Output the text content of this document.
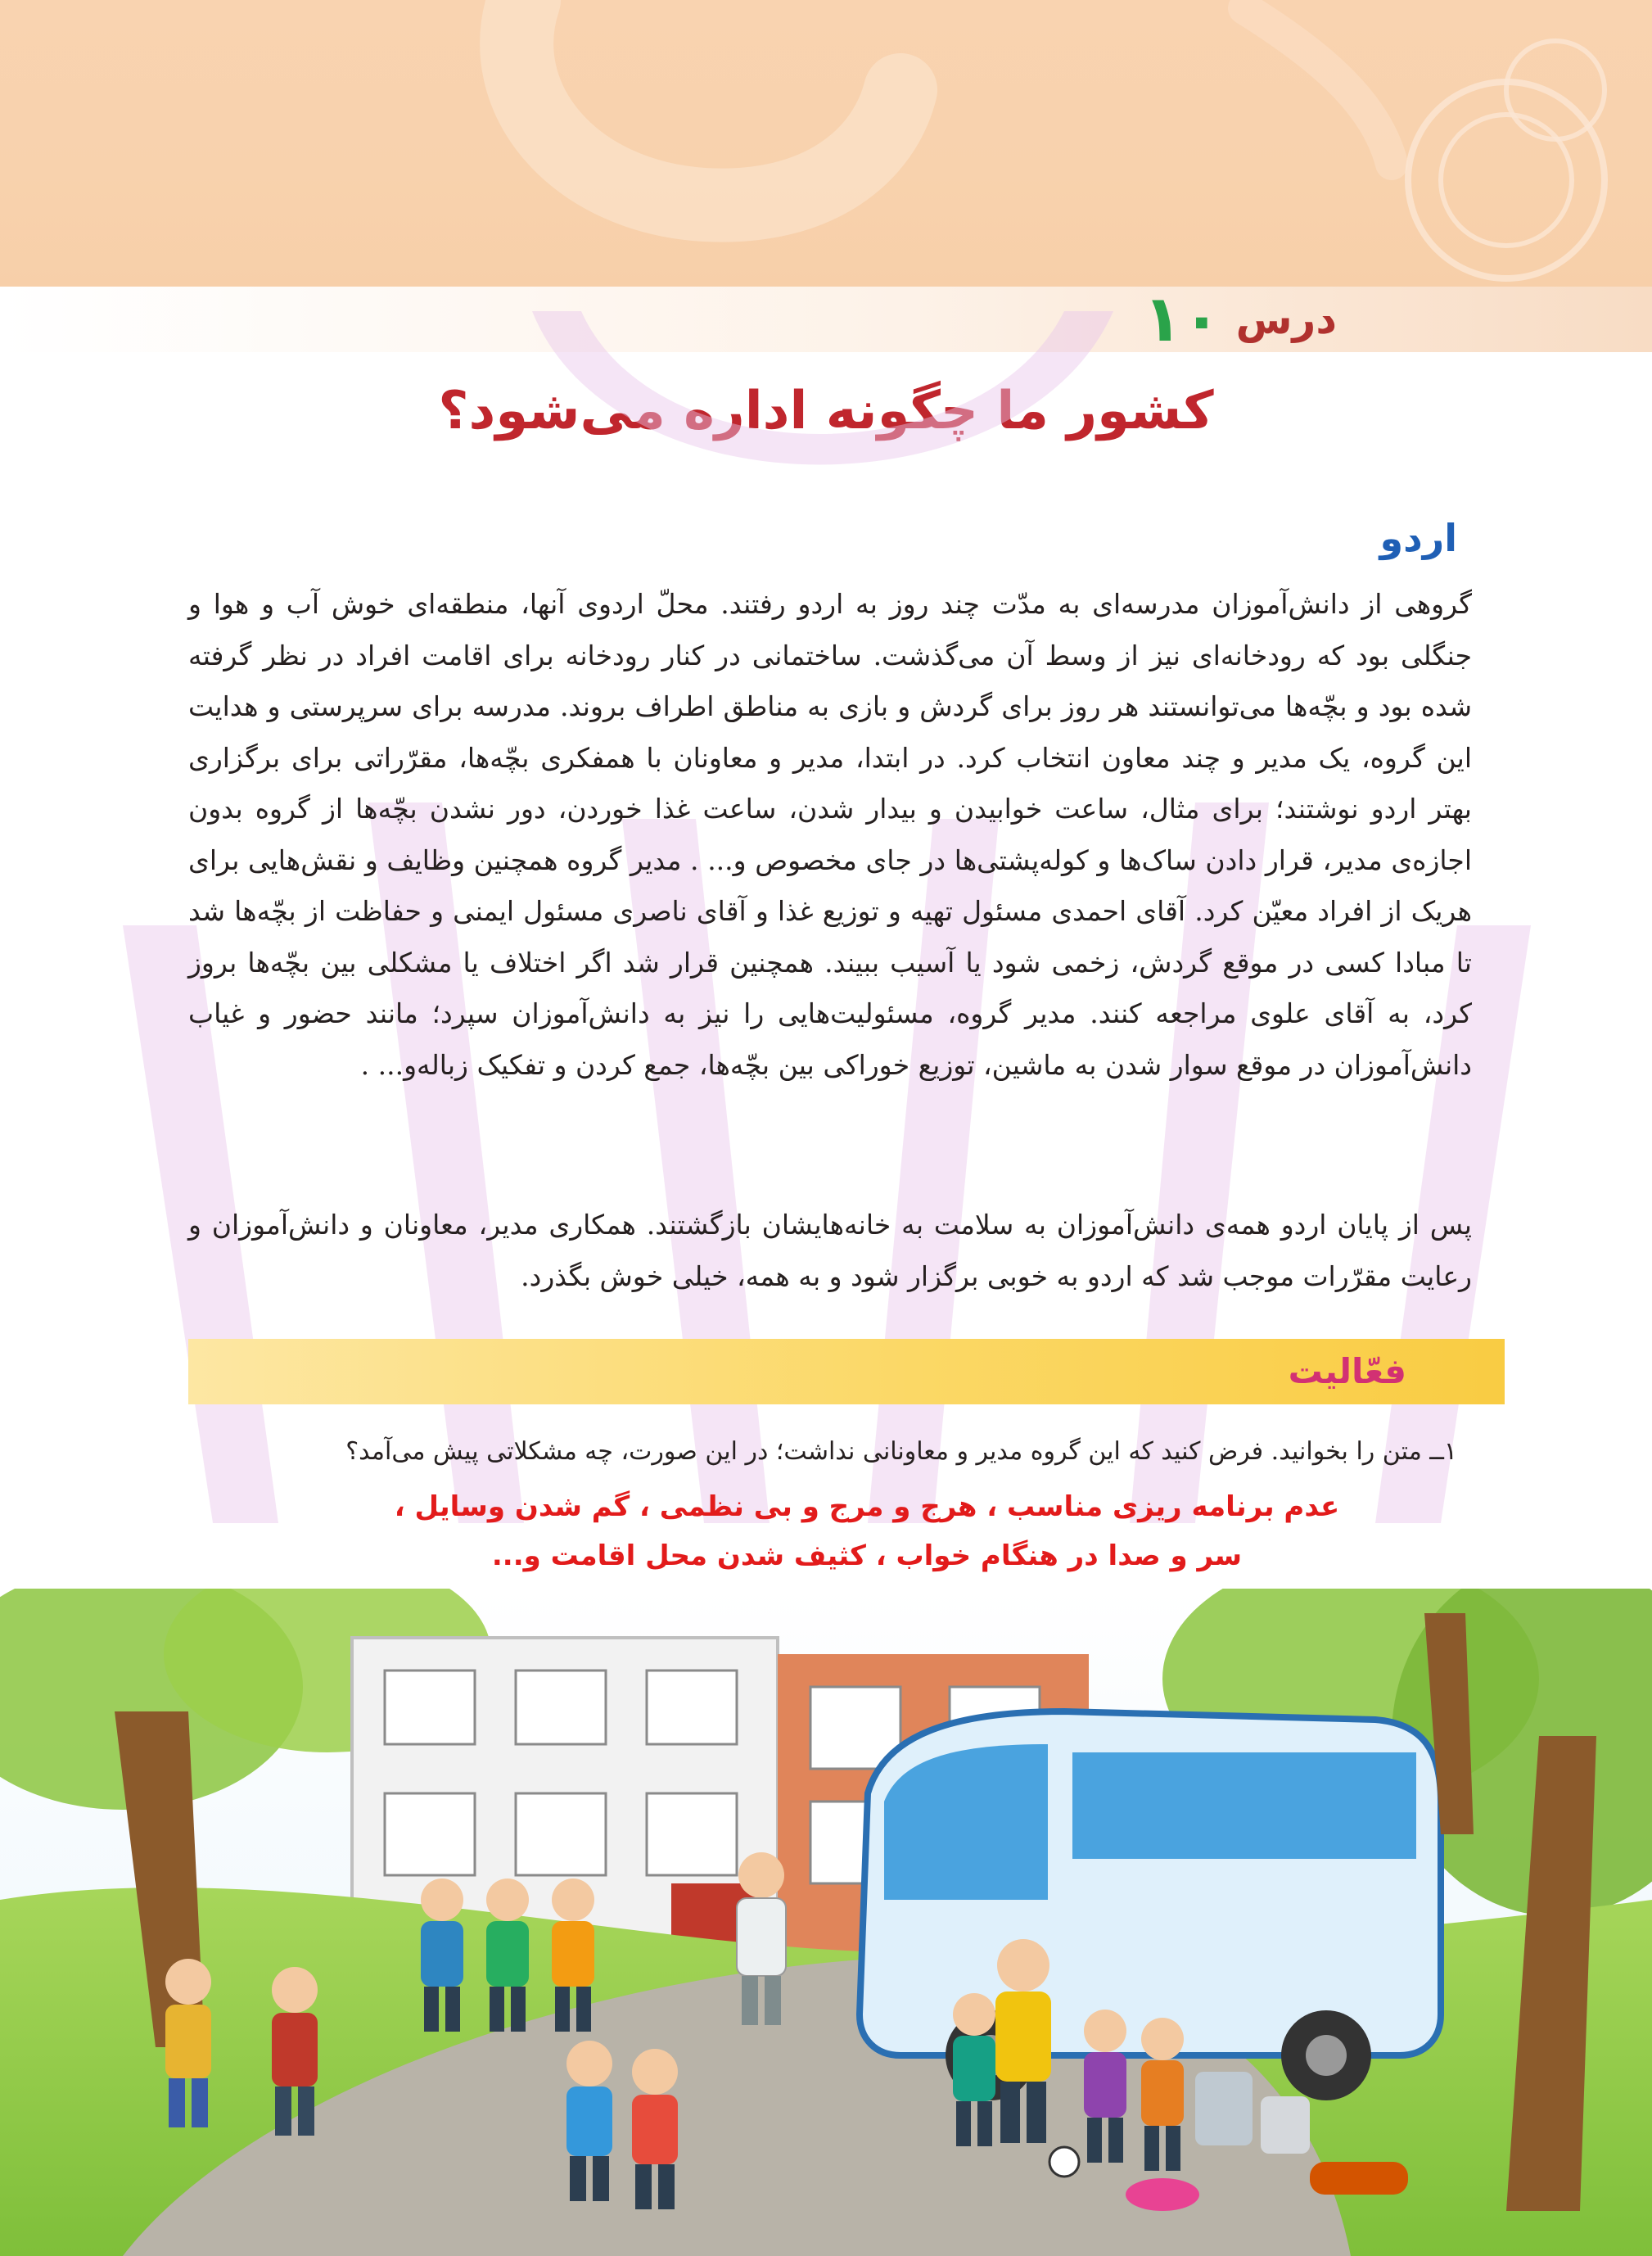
درس
۱۰
کشور ما چگونه اداره می‌شود؟
اردو
گروهی از دانش‌آموزان مدرسه‌ای به مدّت چند روز به اردو رفتند. محلّ اردوی آنها، منطقه‌ای خوش آب و هوا و جنگلی بود که رودخانه‌ای نیز از وسط آن می‌گذشت. ساختمانی در کنار رودخانه برای اقامت افراد در نظر گرفته شده بود و بچّه‌ها می‌توانستند هر روز برای گردش و بازی به مناطق اطراف بروند. مدرسه برای سرپرستی و هدایت این گروه، یک مدیر و چند معاون انتخاب کرد. در ابتدا، مدیر و معاونان با همفکری بچّه‌ها، مقرّراتی برای برگزاری بهتر اردو نوشتند؛ برای مثال، ساعت خوابیدن و بیدار شدن، ساعت غذا خوردن، دور نشدن بچّه‌ها از گروه بدون اجازه‌ی مدیر، قرار دادن ساک‌ها و کوله‌پشتی‌ها در جای مخصوص و... . مدیر گروه همچنین وظایف و نقش‌هایی برای هریک از افراد معیّن کرد. آقای احمدی مسئول تهیه و توزیع غذا و آقای ناصری مسئول ایمنی و حفاظت از بچّه‌ها شد تا مبادا کسی در موقع گردش، زخمی شود یا آسیب ببیند. همچنین قرار شد اگر اختلاف یا مشکلی بین بچّه‌ها بروز کرد، به آقای علوی مراجعه کنند. مدیر گروه، مسئولیت‌هایی را نیز به دانش‌آموزان سپرد؛ مانند حضور و غیاب دانش‌آموزان در موقع سوار شدن به ماشین، توزیع خوراکی بین بچّه‌ها، جمع کردن و تفکیک زباله‌و... .
پس از پایان اردو همه‌ی دانش‌آموزان به سلامت به خانه‌هایشان بازگشتند. همکاری مدیر، معاونان و دانش‌آموزان و رعایت مقرّرات موجب شد که اردو به خوبی برگزار شود و به همه، خیلی خوش بگذرد.
فعّالیت
۱ــ متن را بخوانید. فرض کنید که این گروه مدیر و معاونانی نداشت؛ در این صورت، چه مشکلاتی پیش می‌آمد؟
عدم برنامه ریزی مناسب ، هرج و مرج و بی نظمی ، گم شدن وسایل ،
سر و صدا در هنگام خواب ، کثیف شدن محل اقامت و...
